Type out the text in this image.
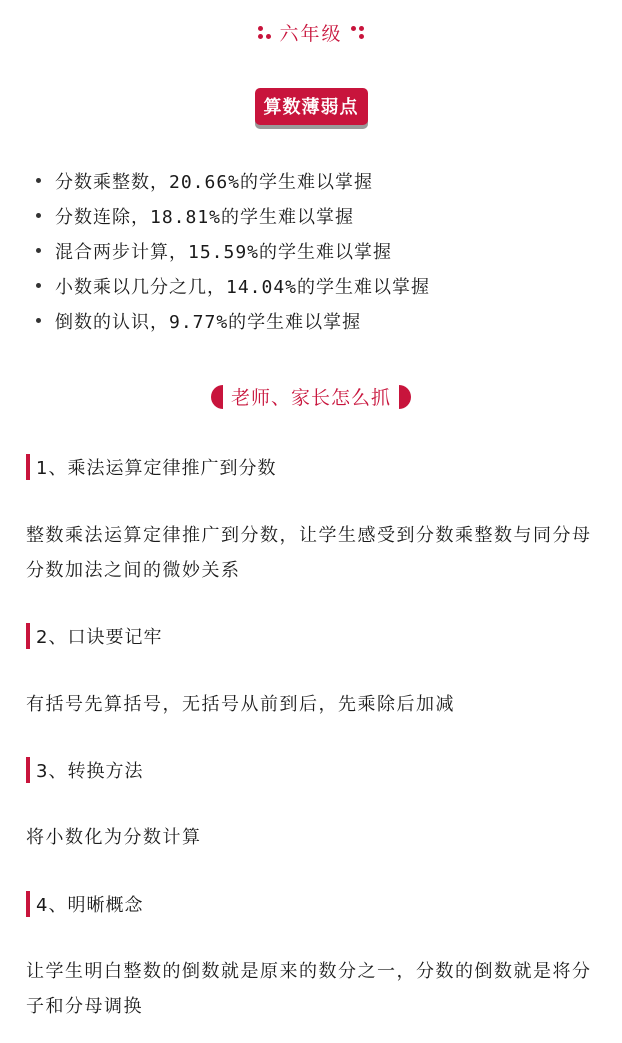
六年级
算数薄弱点
分数乘整数，20.66%的学生难以掌握
分数连除，18.81%的学生难以掌握
混合两步计算，15.59%的学生难以掌握
小数乘以几分之几，14.04%的学生难以掌握
倒数的认识，9.77%的学生难以掌握
老师、家长怎么抓
1、乘法运算定律推广到分数

整数乘法运算定律推广到分数，让学生感受到分数乘整数与同分母分数加法之间的微妙关系

2、口诀要记牢

有括号先算括号，无括号从前到后，先乘除后加减

3、转换方法

将小数化为分数计算

4、明晰概念

让学生明白整数的倒数就是原来的数分之一，分数的倒数就是将分子和分母调换
